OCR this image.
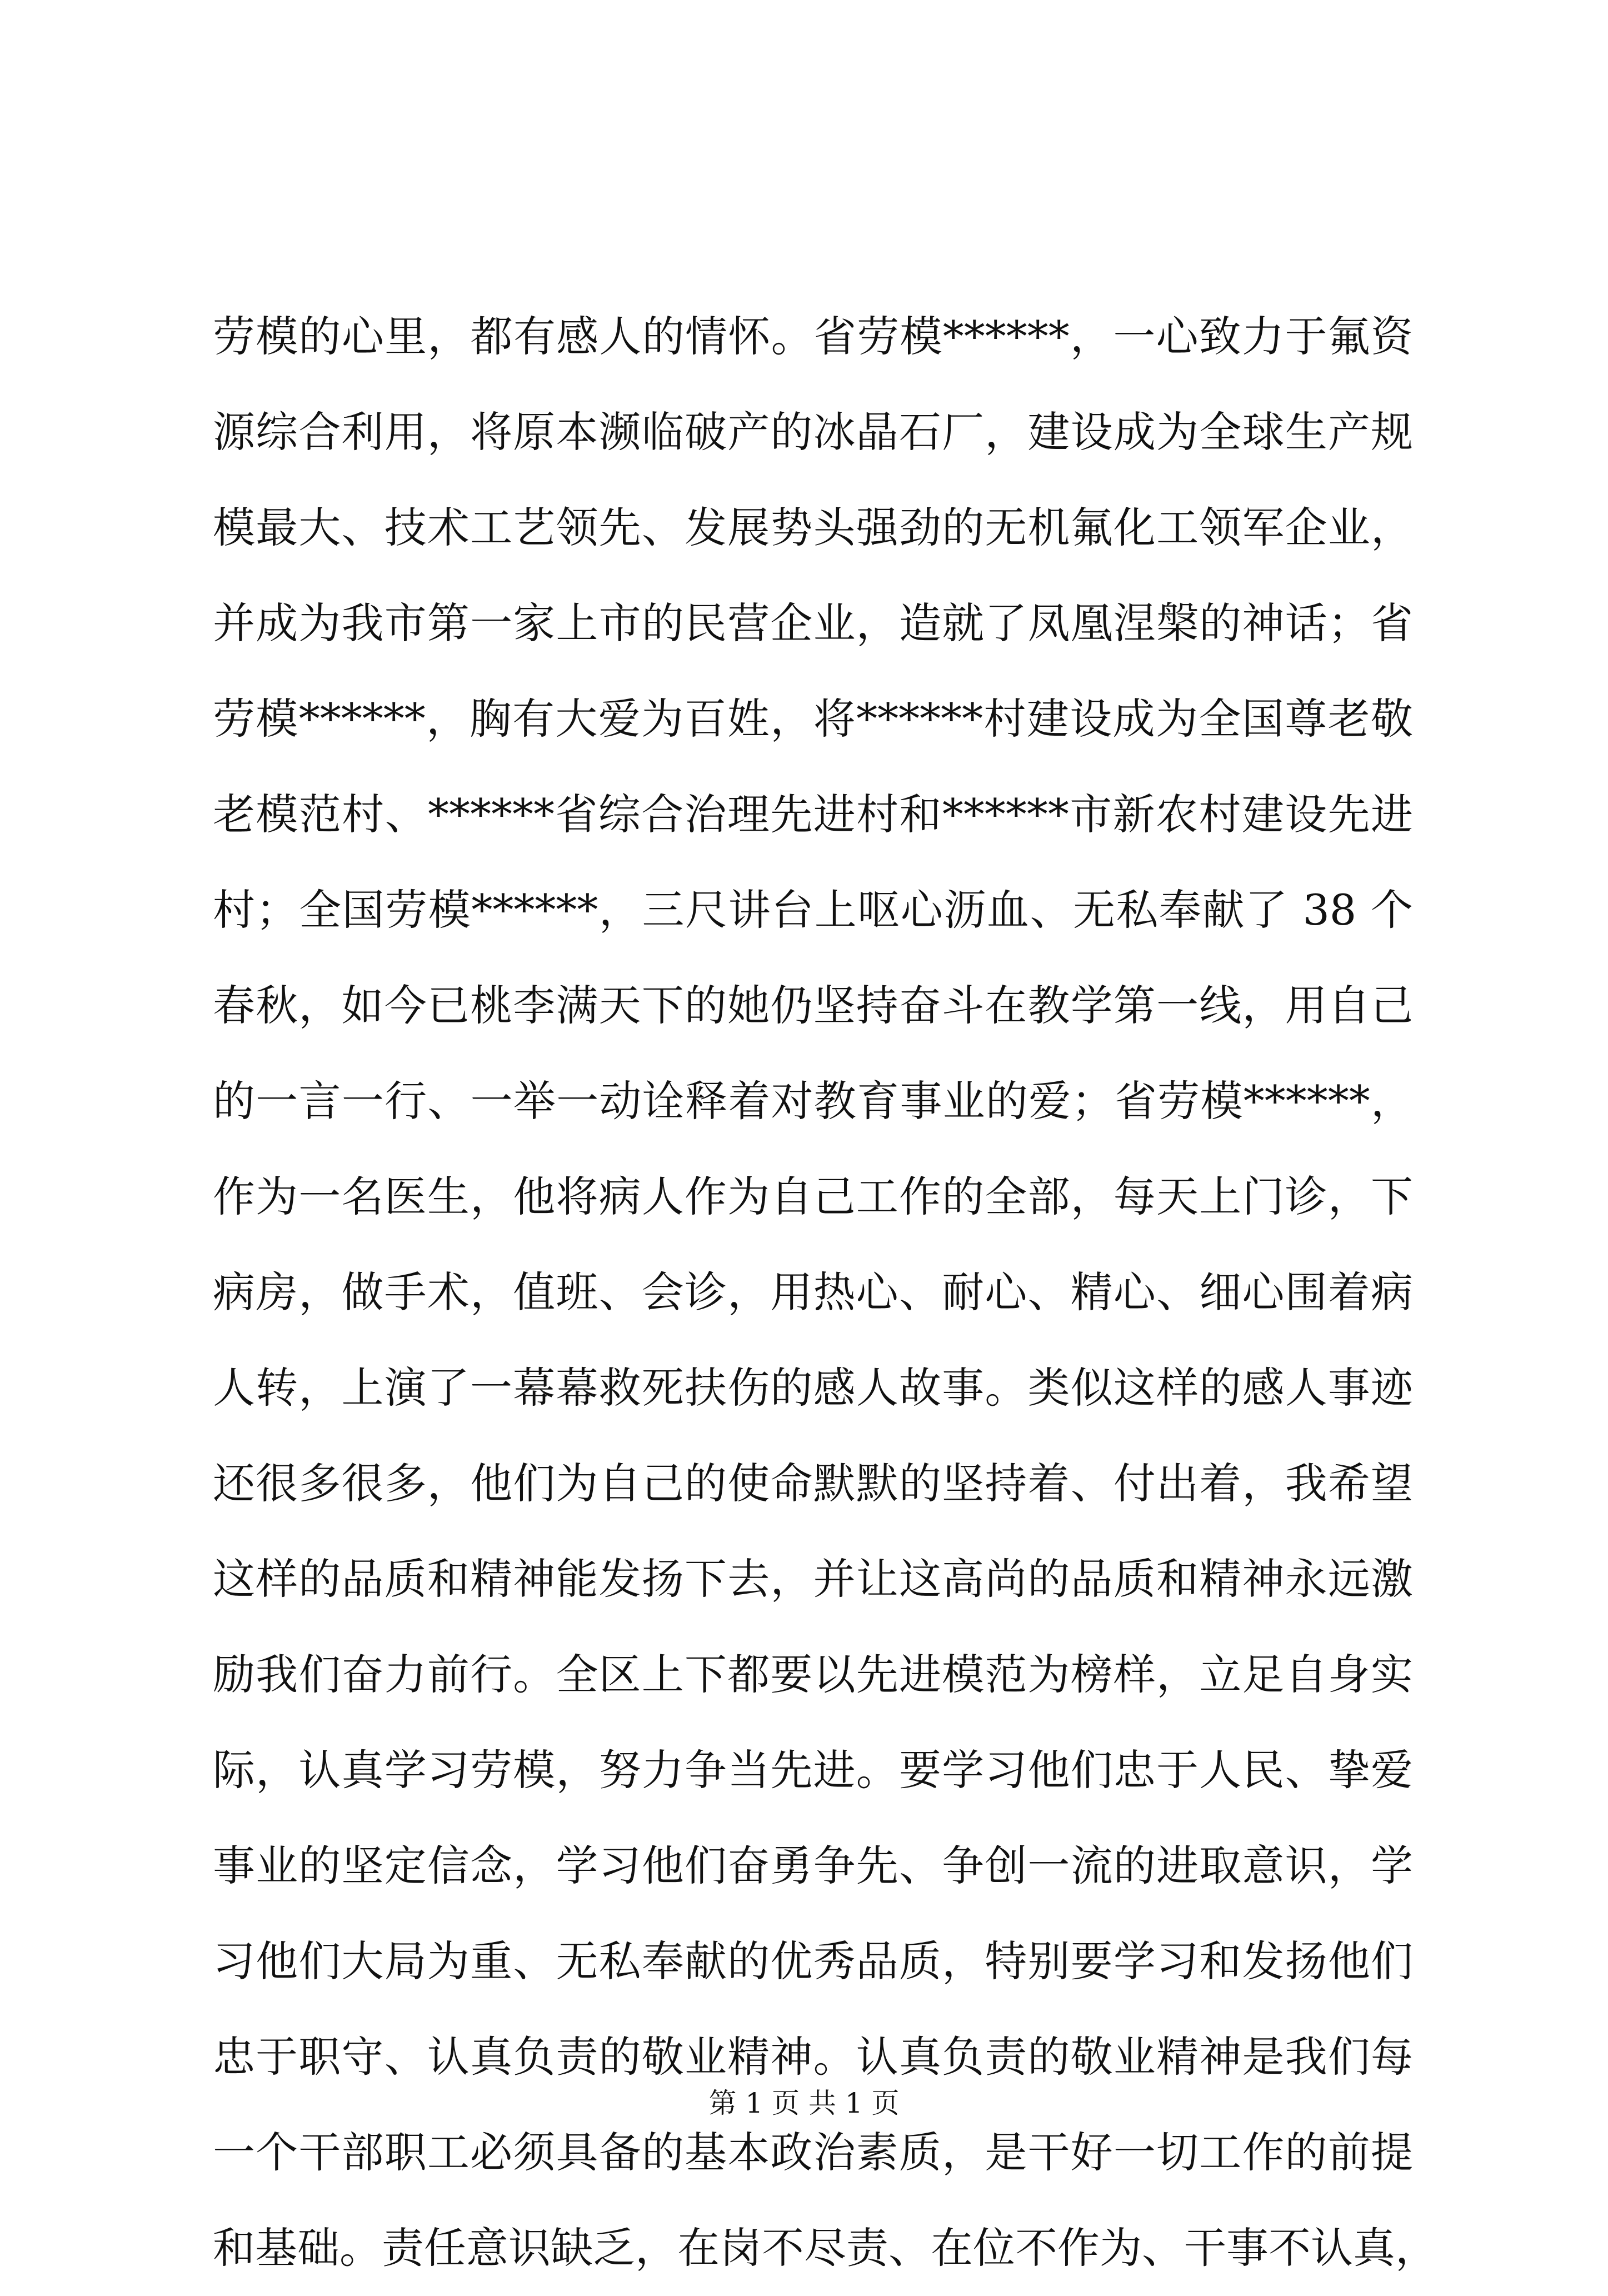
劳模的心里，都有感人的情怀。省劳模******，一心致力于氟资
源综合利用，将原本濒临破产的冰晶石厂，建设成为全球生产规
模最大、技术工艺领先、发展势头强劲的无机氟化工领军企业，
并成为我市第一家上市的民营企业，造就了凤凰涅槃的神话；省
劳模******，胸有大爱为百姓，将******村建设成为全国尊老敬
老模范村、******省综合治理先进村和******市新农村建设先进
村；全国劳模******，三尺讲台上呕心沥血、无私奉献了 38 个
春秋，如今已桃李满天下的她仍坚持奋斗在教学第一线，用自己
的一言一行、一举一动诠释着对教育事业的爱；省劳模******，
作为一名医生，他将病人作为自己工作的全部，每天上门诊，下
病房，做手术，值班、会诊，用热心、耐心、精心、细心围着病
人转，上演了一幕幕救死扶伤的感人故事。类似这样的感人事迹
还很多很多，他们为自己的使命默默的坚持着、付出着，我希望
这样的品质和精神能发扬下去，并让这高尚的品质和精神永远激
励我们奋力前行。全区上下都要以先进模范为榜样，立足自身实
际，认真学习劳模，努力争当先进。要学习他们忠于人民、挚爱
事业的坚定信念，学习他们奋勇争先、争创一流的进取意识，学
习他们大局为重、无私奉献的优秀品质，特别要学习和发扬他们
忠于职守、认真负责的敬业精神。认真负责的敬业精神是我们每
一个干部职工必须具备的基本政治素质，是干好一切工作的前提
和基础。责任意识缺乏，在岗不尽责、在位不作为、干事不认真，
第 1 页 共 1 页
